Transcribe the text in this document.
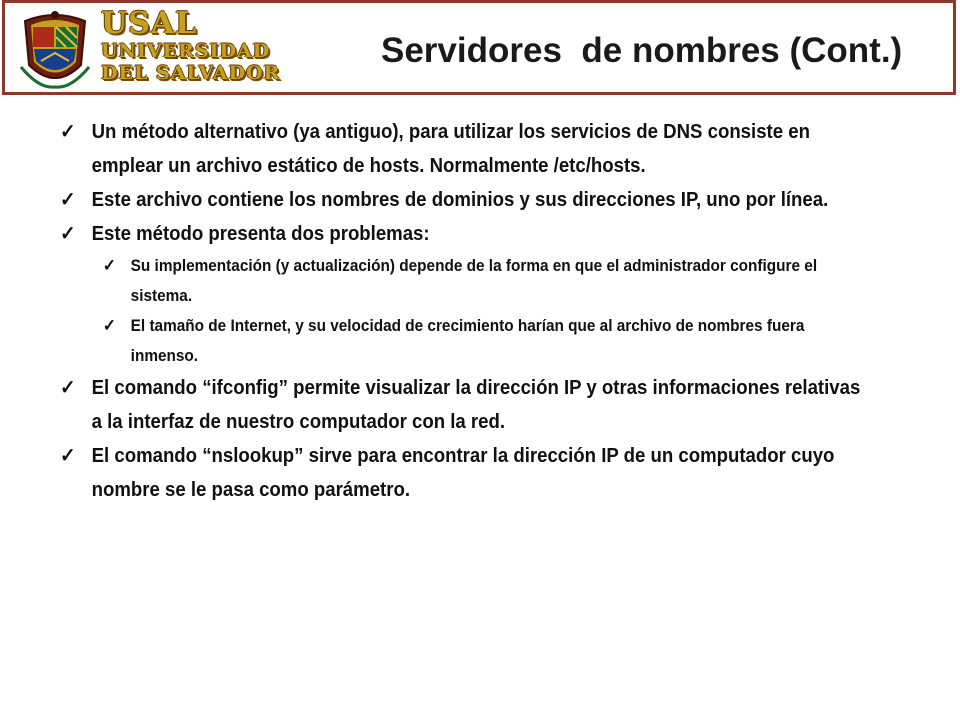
USAL
UNIVERSIDAD
DEL SALVADOR
Servidores  de nombres (Cont.)
✓ Un método alternativo (ya antiguo), para utilizar los servicios de DNS consiste en emplear un archivo estático de hosts. Normalmente /etc/hosts.
✓ Este archivo contiene los nombres de dominios y sus direcciones IP, uno por línea.
✓ Este método presenta dos problemas:
✓ Su implementación (y actualización) depende de la forma en que el administrador configure el sistema.
✓ El tamaño de Internet, y su velocidad de crecimiento harían que al archivo de nombres fuera inmenso.
✓ El comando “ifconfig” permite visualizar la dirección IP y otras informaciones relativas a la interfaz de nuestro computador con la red.
✓ El comando “nslookup” sirve para encontrar la dirección IP de un computador cuyo nombre se le pasa como parámetro.
